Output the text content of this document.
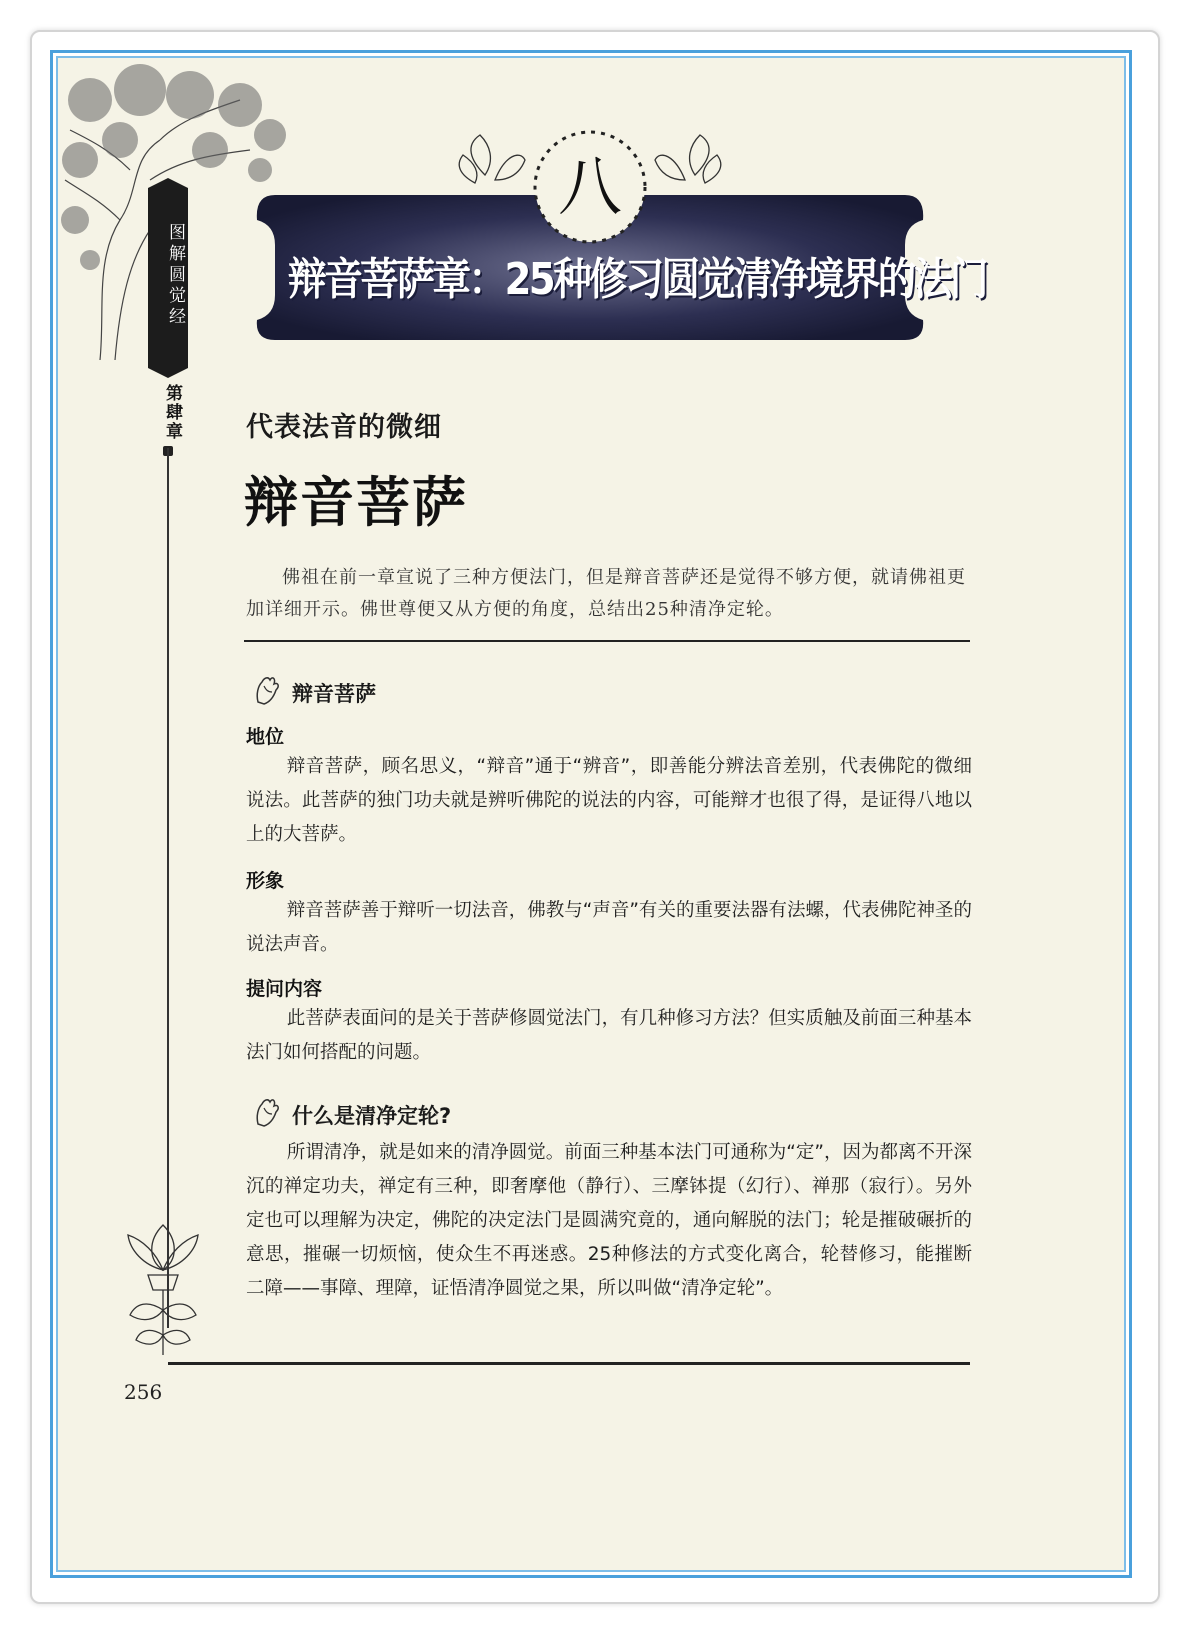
图解圆觉经
第肆章
八
辩音菩萨章：25种修习圆觉清净境界的法门
代表法音的微细
辩音菩萨
佛祖在前一章宣说了三种方便法门，但是辩音菩萨还是觉得不够方便，就请佛祖更加详细开示。佛世尊便又从方便的角度，总结出25种清净定轮。
辩音菩萨
地位
辩音菩萨，顾名思义，“辩音”通于“辨音”，即善能分辨法音差别，代表佛陀的微细说法。此菩萨的独门功夫就是辨听佛陀的说法的内容，可能辩才也很了得，是证得八地以上的大菩萨。
形象
辩音菩萨善于辩听一切法音，佛教与“声音”有关的重要法器有法螺，代表佛陀神圣的说法声音。
提问内容
此菩萨表面问的是关于菩萨修圆觉法门，有几种修习方法？但实质触及前面三种基本法门如何搭配的问题。
什么是清净定轮?
所谓清净，就是如来的清净圆觉。前面三种基本法门可通称为“定”，因为都离不开深沉的禅定功夫，禅定有三种，即奢摩他（静行）、三摩钵提（幻行）、禅那（寂行）。另外定也可以理解为决定，佛陀的决定法门是圆满究竟的，通向解脱的法门；轮是摧破碾折的意思，摧碾一切烦恼，使众生不再迷惑。25种修法的方式变化离合，轮替修习，能摧断二障——事障、理障，证悟清净圆觉之果，所以叫做“清净定轮”。
256
